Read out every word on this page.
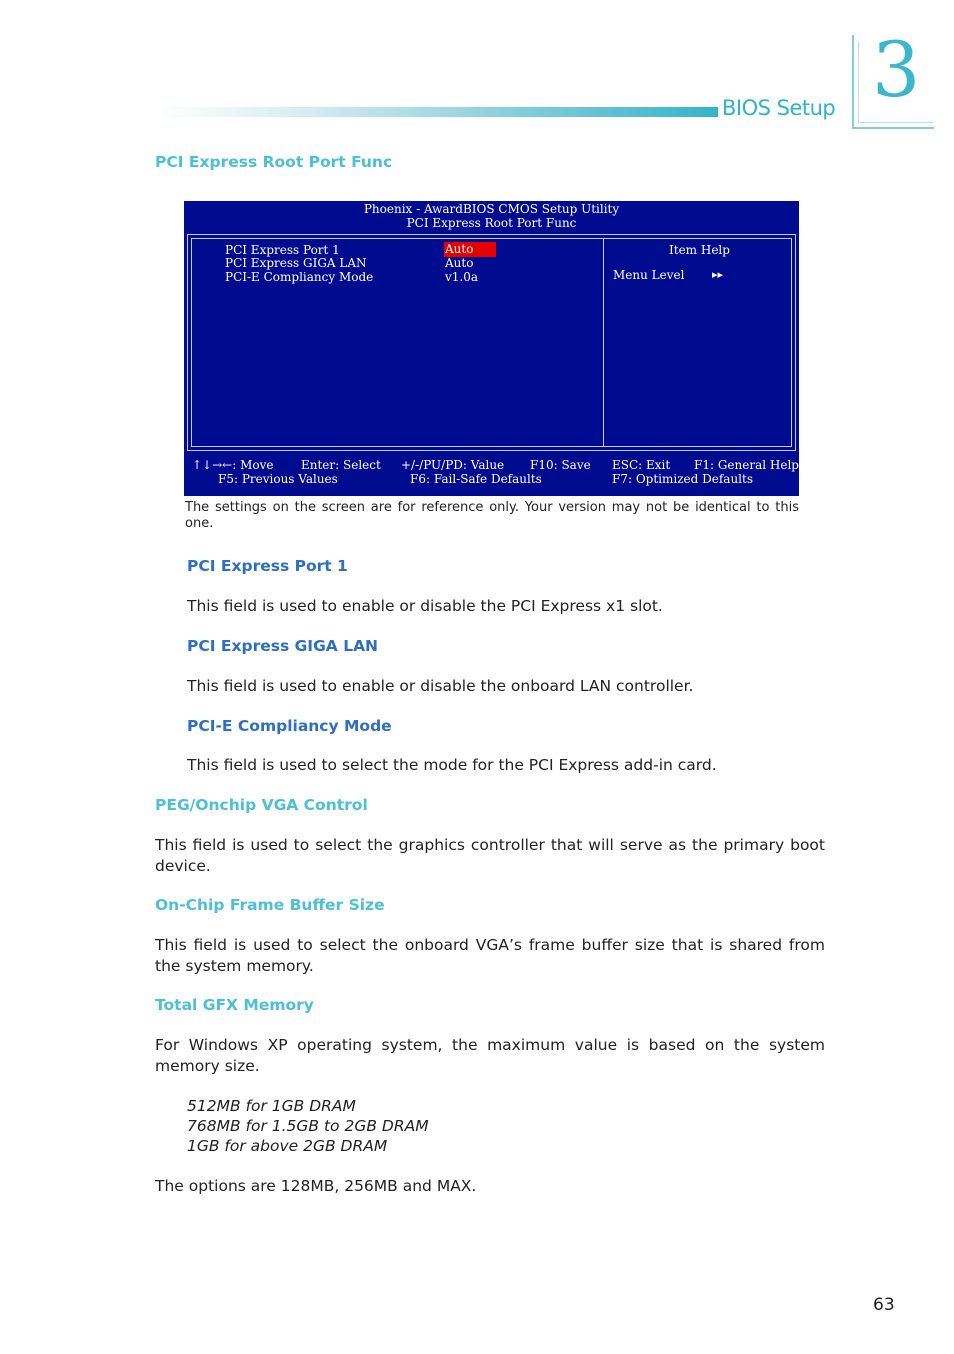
BIOS Setup 3
PCI Express Root Port Func
Phoenix - AwardBIOS CMOS Setup Utility
PCI Express Root Port Func
PCI Express Port 1	Auto
PCI Express GIGA LAN	Auto
PCI-E Compliancy Mode	v1.0a
Item Help
Menu Level	▸▸
↑↓→←: Move Enter: Select +/-/PU/PD: Value F10: Save ESC: Exit F1: General Help
F5: Previous Values	F6: Fail-Safe Defaults	F7: Optimized Defaults
The settings on the screen are for reference only. Your version may not be identical to this one.
PCI Express Port 1
This field is used to enable or disable the PCI Express x1 slot.
PCI Express GIGA LAN
This field is used to enable or disable the onboard LAN controller.
PCI-E Compliancy Mode
This field is used to select the mode for the PCI Express add-in card.
PEG/Onchip VGA Control
This field is used to select the graphics controller that will serve as the primary boot device.
On-Chip Frame Buffer Size
This field is used to select the onboard VGA’s frame buffer size that is shared from the system memory.
Total GFX Memory
For Windows XP operating system, the maximum value is based on the system memory size.
512MB for 1GB DRAM
768MB for 1.5GB to 2GB DRAM
1GB for above 2GB DRAM
The options are 128MB, 256MB and MAX.
63
